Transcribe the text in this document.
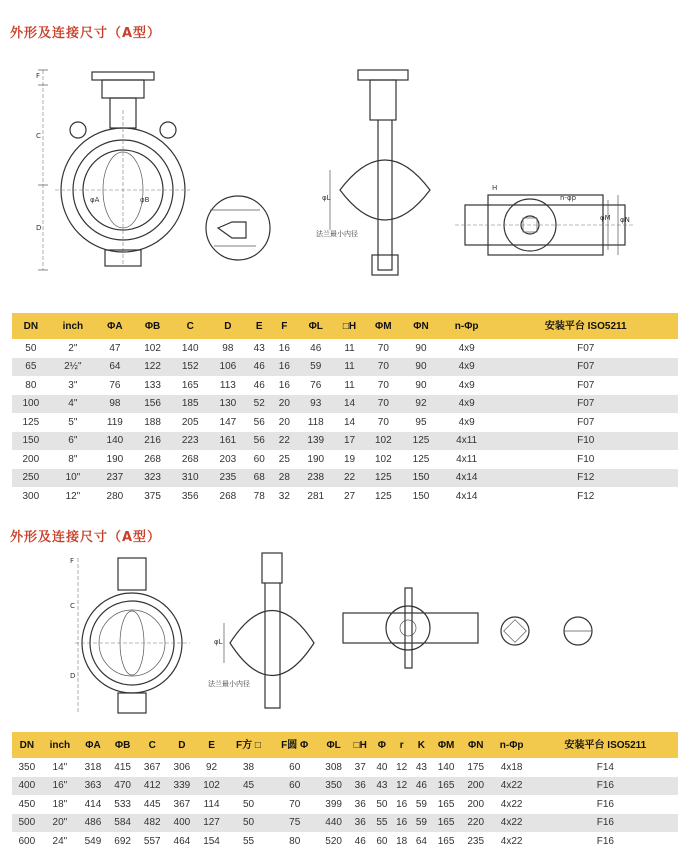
外形及连接尺寸（A型）
F
C
D
φA	φB	φL
法兰最小内径
φM φN
n-φp
H
DN	inch	ΦA	ΦB	C	D	E	F	ΦL	□H	ΦM	ΦN	n-Φp	安装平台 ISO5211
50	2"	47	102	140	98	43	16	46	11	70	90	4x9	F07
65	2½"	64	122	152	106	46	16	59	11	70	90	4x9	F07
80	3"	76	133	165	113	46	16	76	11	70	90	4x9	F07
100	4"	98	156	185	130	52	20	93	14	70	92	4x9	F07
125	5"	119	188	205	147	56	20	118	14	70	95	4x9	F07
150	6"	140	216	223	161	56	22	139	17	102	125	4x11	F10
200	8"	190	268	268	203	60	25	190	19	102	125	4x11	F10
250	10"	237	323	310	235	68	28	238	22	125	150	4x14	F12
300	12"	280	375	356	268	78	32	281	27	125	150	4x14	F12
外形及连接尺寸（A型）
F
C
D
φL
法兰最小内径
DN	inch	ΦA	ΦB	C	D	E	F方 □	F圆 Φ	ΦL	□H	Φ	r	K	ΦM	ΦN	n-Φp	安装平台 ISO5211
350	14"	318	415	367	306	92	38	60	308	37	40	12	43	140	175	4x18	F14
400	16"	363	470	412	339	102	45	60	350	36	43	12	46	165	200	4x22	F16
450	18"	414	533	445	367	114	50	70	399	36	50	16	59	165	200	4x22	F16
500	20"	486	584	482	400	127	50	75	440	36	55	16	59	165	220	4x22	F16
600	24"	549	692	557	464	154	55	80	520	46	60	18	64	165	235	4x22	F16
